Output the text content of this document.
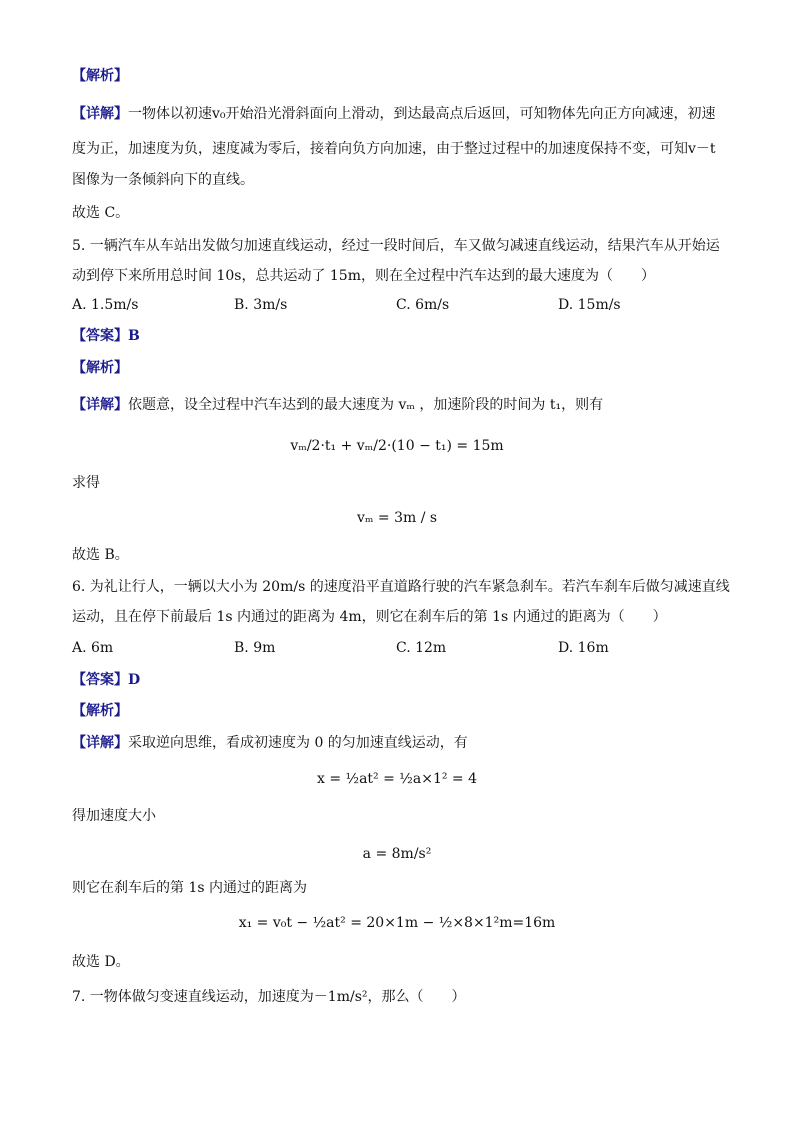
【解析】
【详解】一物体以初速v₀开始沿光滑斜面向上滑动，到达最高点后返回，可知物体先向正方向减速，初速
度为正，加速度为负，速度减为零后，接着向负方向加速，由于整过过程中的加速度保持不变，可知v－t
图像为一条倾斜向下的直线。
故选 C。
5. 一辆汽车从车站出发做匀加速直线运动，经过一段时间后，车又做匀减速直线运动，结果汽车从开始运
动到停下来所用总时间 10s，总共运动了 15m，则在全过程中汽车达到的最大速度为（　　）
A. 1.5m/s	B. 3m/s	C. 6m/s	D. 15m/s
【答案】B
【解析】
【详解】依题意，设全过程中汽车达到的最大速度为 vₘ ，加速阶段的时间为 t₁，则有
vₘ/2·t₁ + vₘ/2·(10 − t₁) = 15m
求得
vₘ = 3m / s
故选 B。
6. 为礼让行人，一辆以大小为 20m/s 的速度沿平直道路行驶的汽车紧急刹车。若汽车刹车后做匀减速直线
运动，且在停下前最后 1s 内通过的距离为 4m，则它在刹车后的第 1s 内通过的距离为（　　）
A. 6m	B. 9m	C. 12m	D. 16m
【答案】D
【解析】
【详解】采取逆向思维，看成初速度为 0 的匀加速直线运动，有
x = ½at² = ½a×1² = 4
得加速度大小
a = 8m/s²
则它在刹车后的第 1s 内通过的距离为
x₁ = v₀t − ½at² = 20×1m − ½×8×1²m=16m
故选 D。
7. 一物体做匀变速直线运动，加速度为－1m/s²，那么（　　）
